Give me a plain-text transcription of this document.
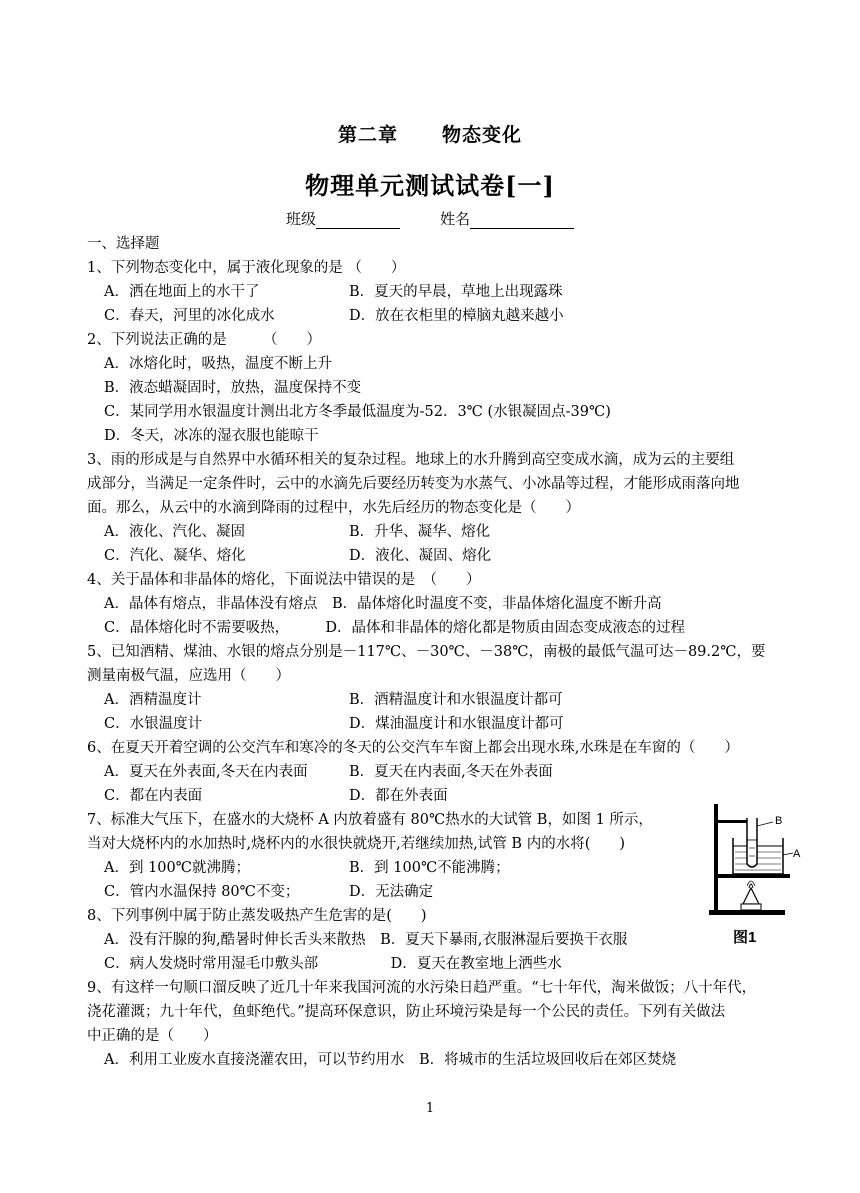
第二章 物态变化
物理单元测试试卷[一]
班级	姓名
一、选择题
1、下列物态变化中，属于液化现象的是 （　　）
A．洒在地面上的水干了	B．夏天的早晨，草地上出现露珠
C．春天，河里的冰化成水	D．放在衣柜里的樟脑丸越来越小
2、下列说法正确的是　　　（　　）
A．冰熔化时，吸热，温度不断上升
B．液态蜡凝固时，放热，温度保持不变
C．某同学用水银温度计测出北方冬季最低温度为-52．3℃ (水银凝固点-39℃)
D．冬天，冰冻的湿衣服也能晾干
3、雨的形成是与自然界中水循环相关的复杂过程。地球上的水升腾到高空变成水滴，成为云的主要组
成部分，当满足一定条件时，云中的水滴先后要经历转变为水蒸气、小冰晶等过程，才能形成雨落向地
面。那么，从云中的水滴到降雨的过程中，水先后经历的物态变化是（　　）
A．液化、汽化、凝固	B．升华、凝华、熔化
C．汽化、凝华、熔化	D．液化、凝固、熔化
4、关于晶体和非晶体的熔化，下面说法中错误的是　（　　）
A．晶体有熔点，非晶体没有熔点　B．晶体熔化时温度不变，非晶体熔化温度不断升高
C．晶体熔化时不需要吸热，　　　D．晶体和非晶体的熔化都是物质由固态变成液态的过程
5、已知酒精、煤油、水银的熔点分别是－117℃、－30℃、－38℃，南极的最低气温可达－89.2℃，要
测量南极气温，应选用（　　）
A．酒精温度计	B．酒精温度计和水银温度计都可
C．水银温度计	D．煤油温度计和水银温度计都可
6、在夏天开着空调的公交汽车和寒冷的冬天的公交汽车车窗上都会出现水珠,水珠是在车窗的（　　）
A．夏天在外表面,冬天在内表面	B．夏天在内表面,冬天在外表面
C．都在内表面	D．都在外表面
7、标准大气压下，在盛水的大烧杯 A 内放着盛有 80℃热水的大试管 B，如图 1 所示，
当对大烧杯内的水加热时,烧杯内的水很快就烧开,若继续加热,试管 B 内的水将(　　)
A．到 100℃就沸腾；	B．到 100℃不能沸腾；
C．管内水温保持 80℃不变；	D．无法确定
8、下列事例中属于防止蒸发吸热产生危害的是(　　)
A．没有汗腺的狗,酷暑时伸长舌头来散热　B．夏天下暴雨,衣服淋湿后要换干衣服
C．病人发烧时常用湿毛巾敷头部　　　　　D．夏天在教室地上洒些水
9、有这样一句顺口溜反映了近几十年来我国河流的水污染日趋严重。“七十年代，淘米做饭；八十年代，
浇花灌溉；九十年代，鱼虾绝代。”提高环保意识，防止环境污染是每一个公民的责任。下列有关做法
中正确的是（　　）
A．利用工业废水直接浇灌农田，可以节约用水　B．将城市的生活垃圾回收后在郊区焚烧
B
A
图1
1
